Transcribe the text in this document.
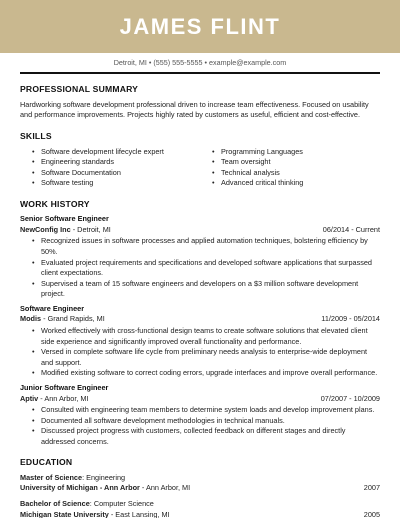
JAMES FLINT
Detroit, MI • (555) 555-5555 • example@example.com
PROFESSIONAL SUMMARY
Hardworking software development professional driven to increase team effectiveness. Focused on usability and performance improvements. Projects highly rated by customers as useful, efficient and cost-effective.
SKILLS
• Software development lifecycle expert
• Engineering standards
• Software Documentation
• Software testing
• Programming Languages
• Team oversight
• Technical analysis
• Advanced critical thinking
WORK HISTORY
Senior Software Engineer
NewConfig Inc - Detroit, MI	06/2014 - Current
• Recognized issues in software processes and applied automation techniques, bolstering efficiency by 50%.
• Evaluated project requirements and specifications and developed software applications that surpassed client expectations.
• Supervised a team of 15 software engineers and developers on a $3 million software development project.
Software Engineer
Modis - Grand Rapids, MI	11/2009 - 05/2014
• Worked effectively with cross-functional design teams to create software solutions that elevated client side experience and significantly improved overall functionality and performance.
• Versed in complete software life cycle from preliminary needs analysis to enterprise-wide deployment and support.
• Modified existing software to correct coding errors, upgrade interfaces and improve overall performance.
Junior Software Engineer
Aptiv - Ann Arbor, MI	07/2007 - 10/2009
• Consulted with engineering team members to determine system loads and develop improvement plans.
• Documented all software development methodologies in technical manuals.
• Discussed project progress with customers, collected feedback on different stages and directly addressed concerns.
EDUCATION
Master of Science: Engineering
University of Michigan - Ann Arbor - Ann Arbor, MI	2007
Bachelor of Science: Computer Science
Michigan State University - East Lansing, MI	2005
